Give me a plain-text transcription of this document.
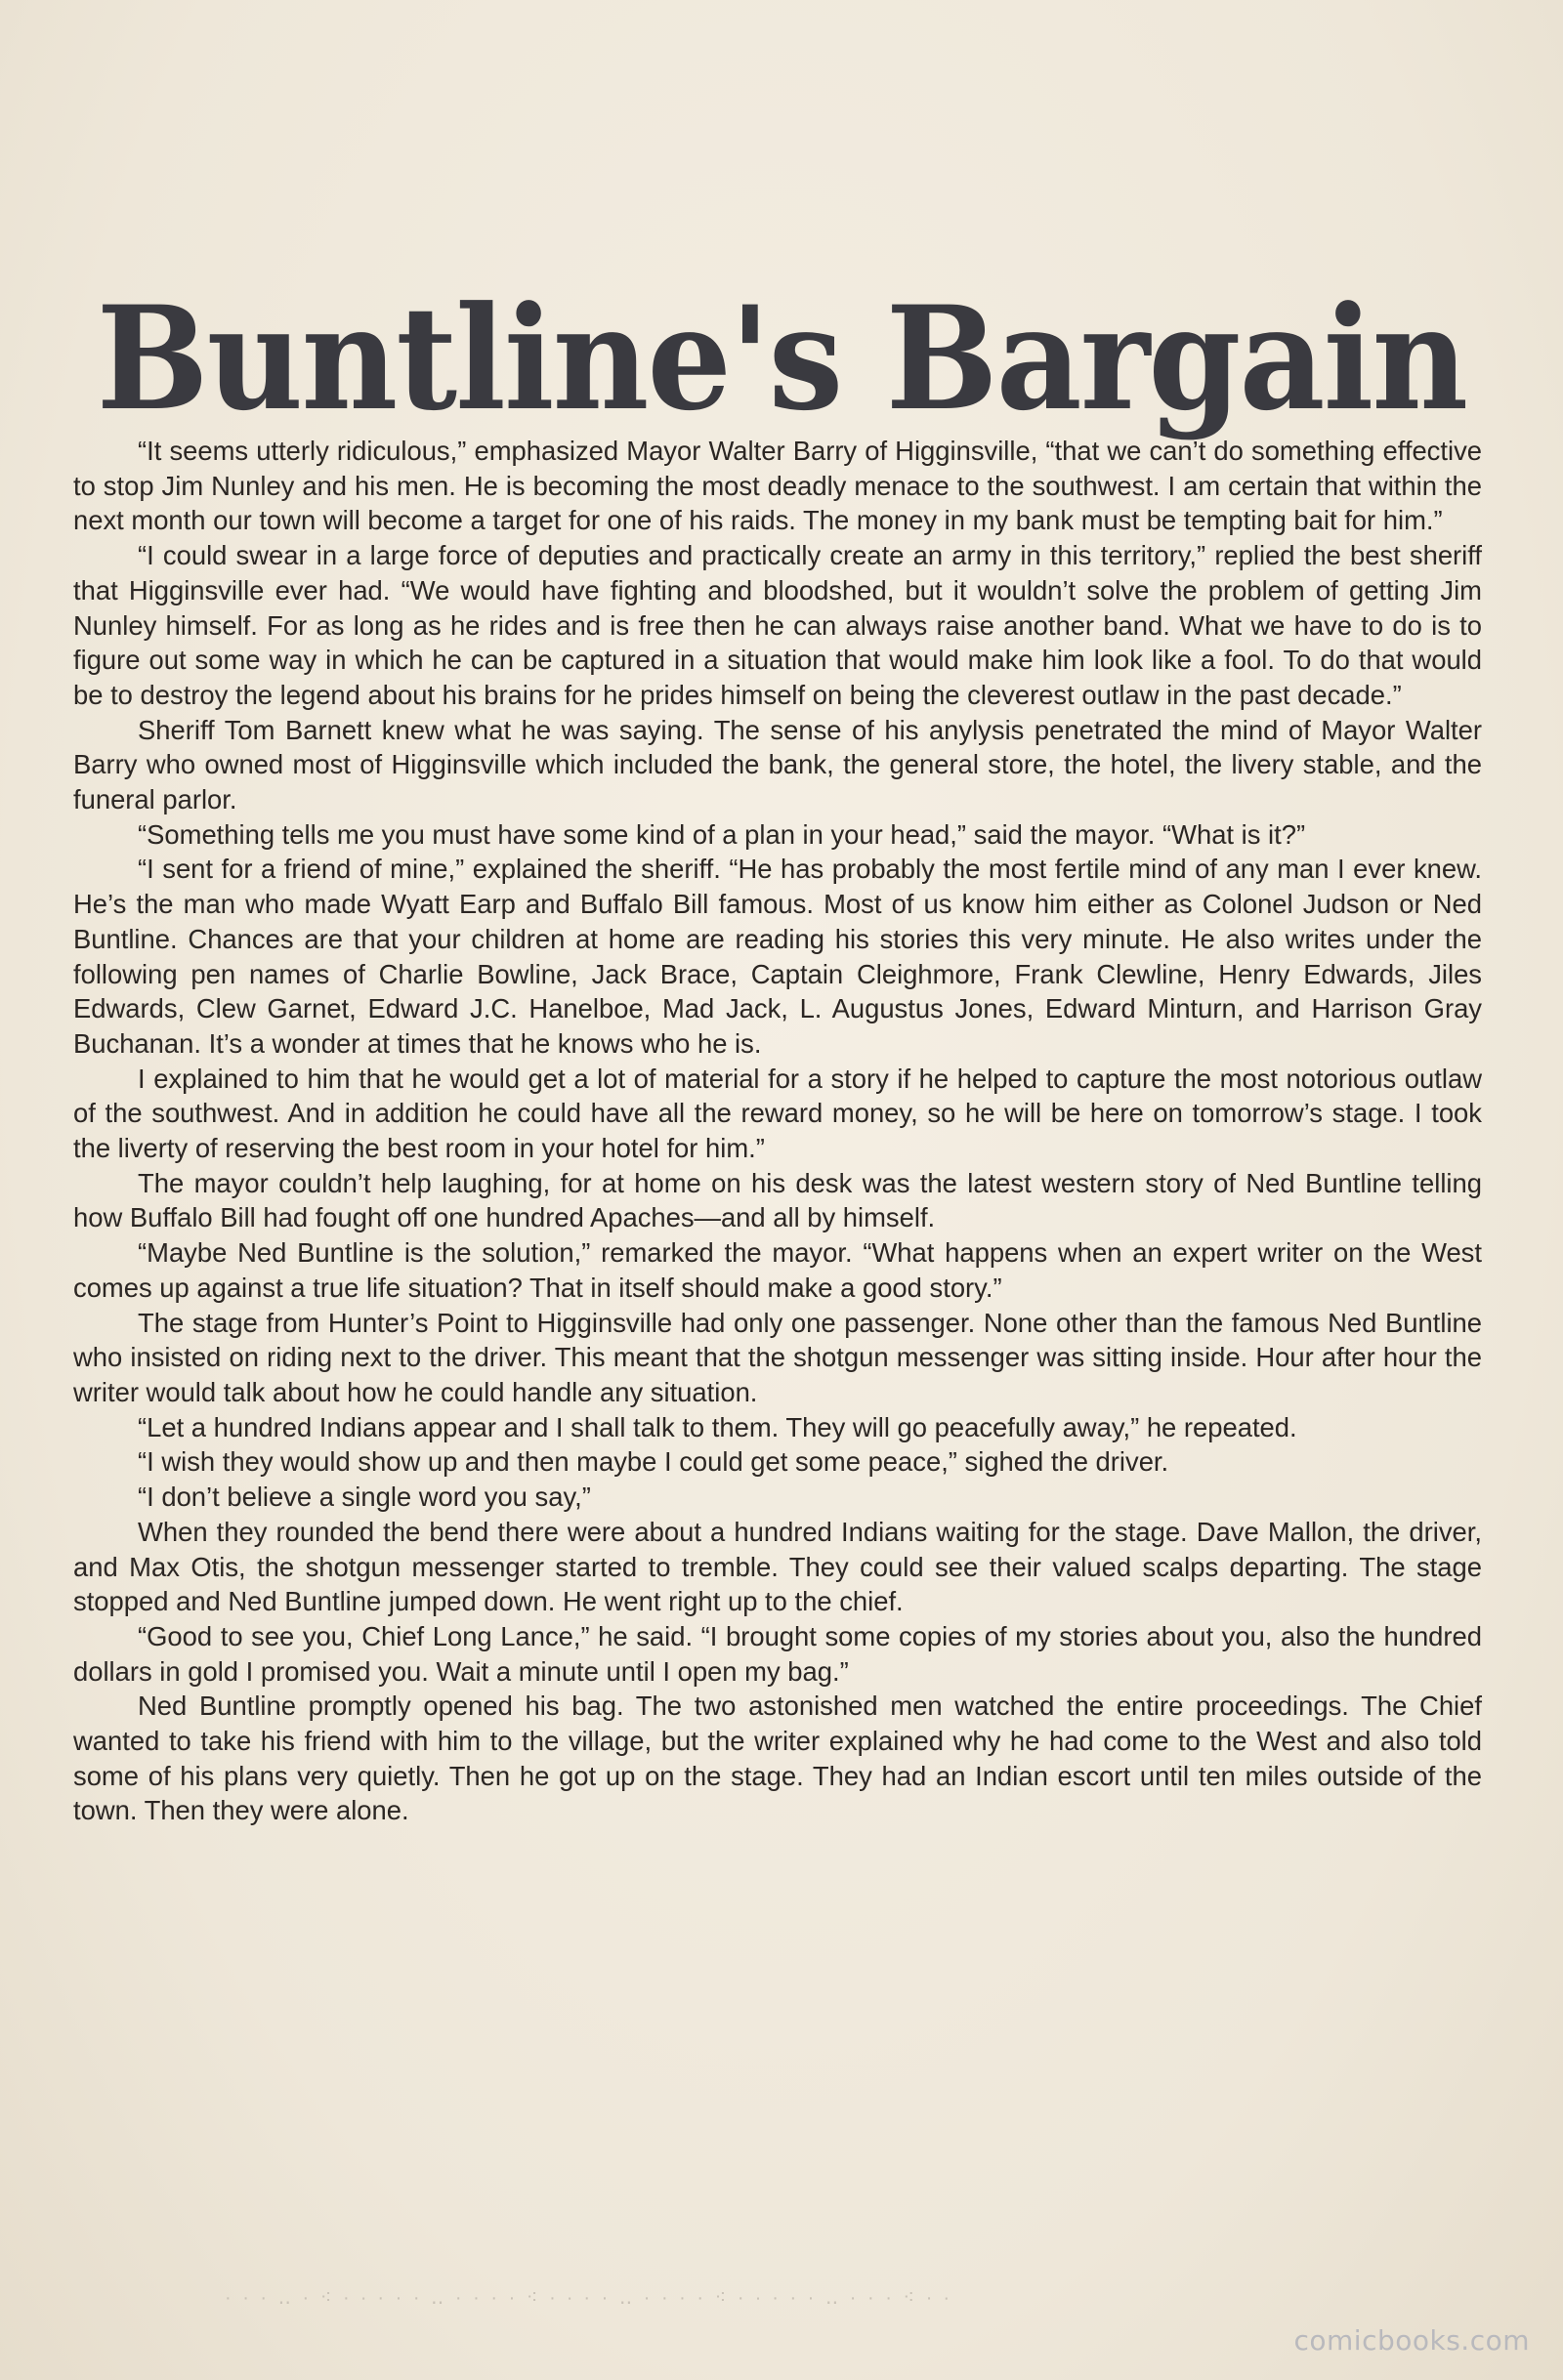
Buntline's Bargain

“It seems utterly ridiculous,” emphasized Mayor Walter Barry of Higginsville, “that we can’t do something effective to stop Jim Nunley and his men. He is becoming the most deadly menace to the southwest. I am certain that within the next month our town will become a target for one of his raids. The money in my bank must be tempting bait for him.”

“I could swear in a large force of deputies and practically create an army in this territory,” replied the best sheriff that Higginsville ever had. “We would have fighting and bloodshed, but it wouldn’t solve the problem of getting Jim Nunley himself. For as long as he rides and is free then he can always raise another band. What we have to do is to figure out some way in which he can be captured in a situation that would make him look like a fool. To do that would be to destroy the legend about his brains for he prides himself on being the cleverest outlaw in the past decade.”

Sheriff Tom Barnett knew what he was saying. The sense of his anylysis penetrated the mind of Mayor Walter Barry who owned most of Higginsville which included the bank, the general store, the hotel, the livery stable, and the funeral parlor.

“Something tells me you must have some kind of a plan in your head,” said the mayor. “What is it?”

“I sent for a friend of mine,” explained the sheriff. “He has probably the most fertile mind of any man I ever knew. He’s the man who made Wyatt Earp and Buffalo Bill famous. Most of us know him either as Colonel Judson or Ned Buntline. Chances are that your children at home are reading his stories this very minute. He also writes under the following pen names of Charlie Bowline, Jack Brace, Captain Cleighmore, Frank Clewline, Henry Edwards, Jiles Edwards, Clew Garnet, Edward J.C. Hanelboe, Mad Jack, L. Augustus Jones, Edward Minturn, and Harrison Gray Buchanan. It’s a wonder at times that he knows who he is.

I explained to him that he would get a lot of material for a story if he helped to capture the most notorious outlaw of the southwest. And in addition he could have all the reward money, so he will be here on tomorrow’s stage. I took the liverty of reserving the best room in your hotel for him.”

The mayor couldn’t help laughing, for at home on his desk was the latest western story of Ned Buntline telling how Buffalo Bill had fought off one hundred Apaches—and all by himself.

“Maybe Ned Buntline is the solution,” remarked the mayor. “What happens when an expert writer on the West comes up against a true life situation? That in itself should make a good story.”

The stage from Hunter’s Point to Higginsville had only one passenger. None other than the famous Ned Buntline who insisted on riding next to the driver. This meant that the shotgun messenger was sitting inside. Hour after hour the writer would talk about how he could handle any situation.

“Let a hundred Indians appear and I shall talk to them. They will go peacefully away,” he repeated.

“I wish they would show up and then maybe I could get some peace,” sighed the driver.

“I don’t believe a single word you say,”

When they rounded the bend there were about a hundred Indians waiting for the stage. Dave Mallon, the driver, and Max Otis, the shotgun messenger started to tremble. They could see their valued scalps departing. The stage stopped and Ned Buntline jumped down. He went right up to the chief.

“Good to see you, Chief Long Lance,” he said. “I brought some copies of my stories about you, also the hundred dollars in gold I promised you. Wait a minute until I open my bag.”

Ned Buntline promptly opened his bag. The two astonished men watched the entire proceedings. The Chief wanted to take his friend with him to the village, but the writer explained why he had come to the West and also told some of his plans very quietly. Then he got up on the stage. They had an Indian escort until ten miles outside of the town. Then they were alone.

· · · ‥ · ⁖ · ∙ · · · ‥ · · · · ⁖ · ∙ · · ‥ · · · · ⁖ · ∙ · · · ‥ · · · ⁖ · ∙
comicbooks.com
